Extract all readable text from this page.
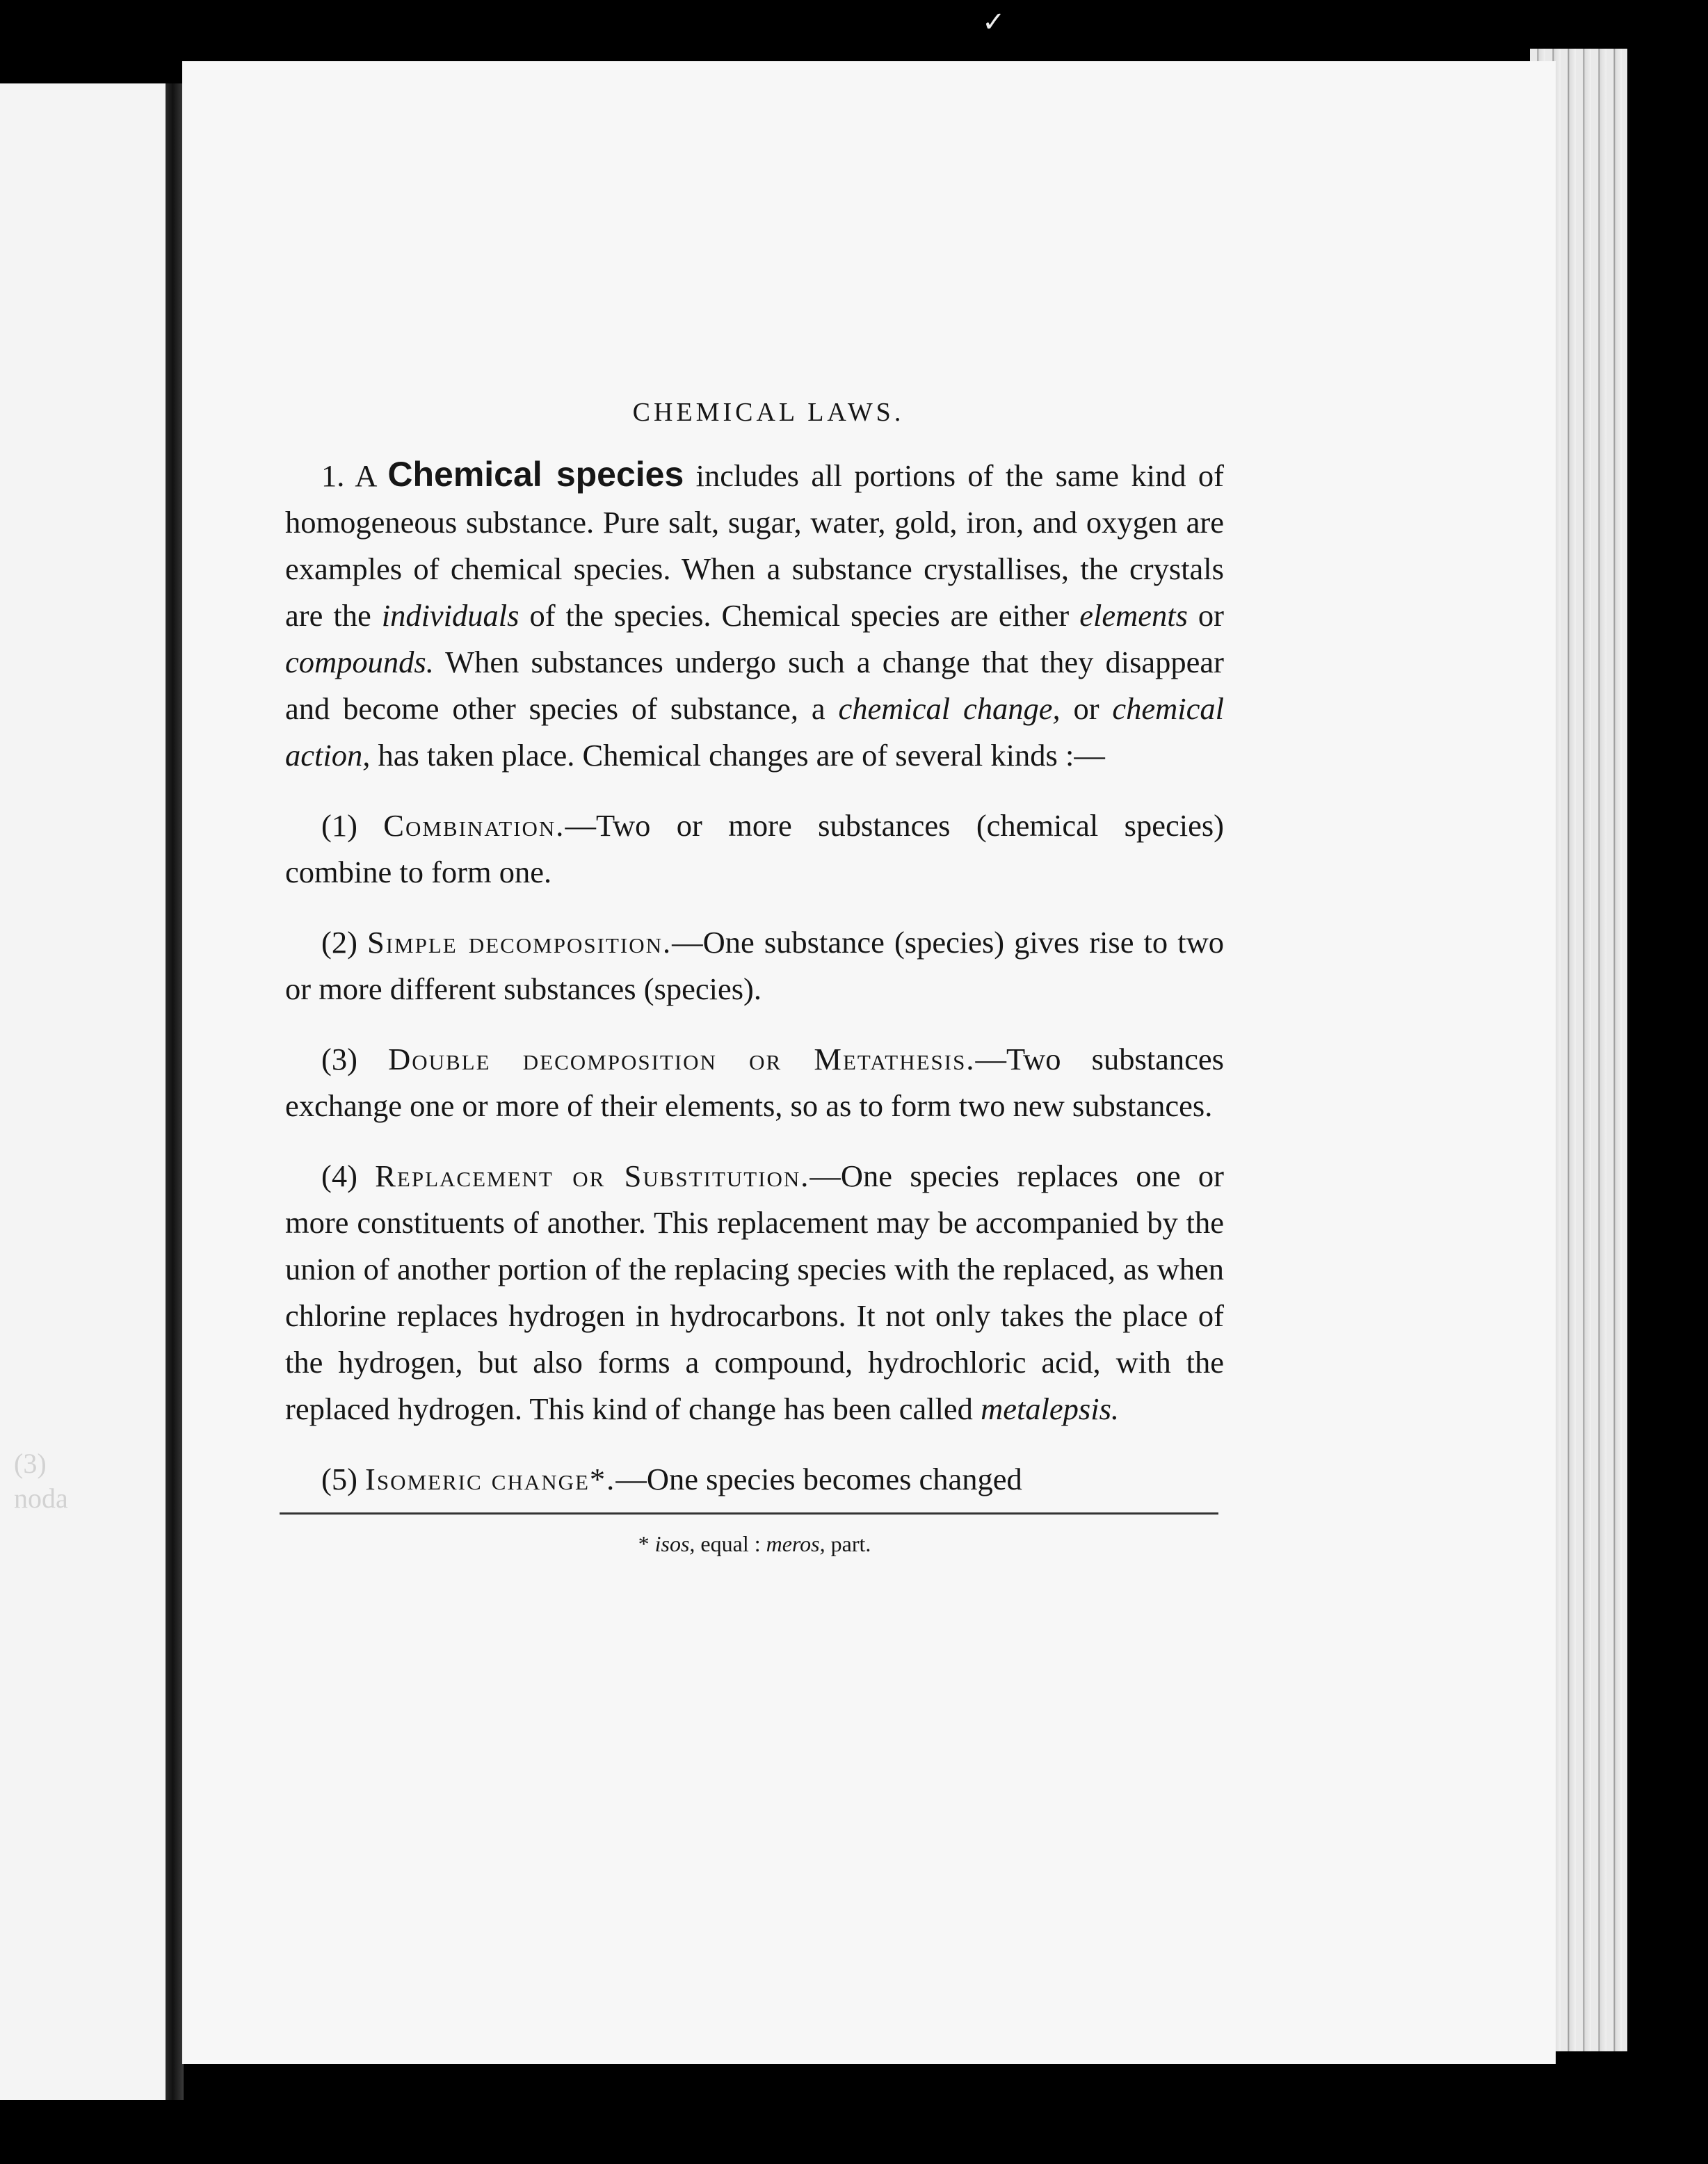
(3)
nodа
✓
CHEMICAL LAWS.

1. A Chemical species includes all portions of the same kind of homogeneous substance. Pure salt, sugar, water, gold, iron, and oxygen are examples of chemical species. When a substance crystallises, the crystals are the individuals of the species. Chemical species are either elements or compounds. When substances undergo such a change that they disappear and become other species of substance, a chemical change, or chemical action, has taken place. Chemical changes are of several kinds :—

(1) Combination.—Two or more substances (chemical species) combine to form one.

(2) Simple decomposition.—One substance (species) gives rise to two or more different substances (species).

(3) Double decomposition or Metathesis.—Two substances exchange one or more of their elements, so as to form two new substances.

(4) Replacement or Substitution.—One species replaces one or more constituents of another. This replacement may be accompanied by the union of another portion of the replacing species with the replaced, as when chlorine replaces hydrogen in hydrocarbons. It not only takes the place of the hydrogen, but also forms a compound, hydrochloric acid, with the replaced hydrogen. This kind of change has been called metalepsis.

(5) Isomeric change*.—One species becomes changed

* isos, equal : meros, part.
